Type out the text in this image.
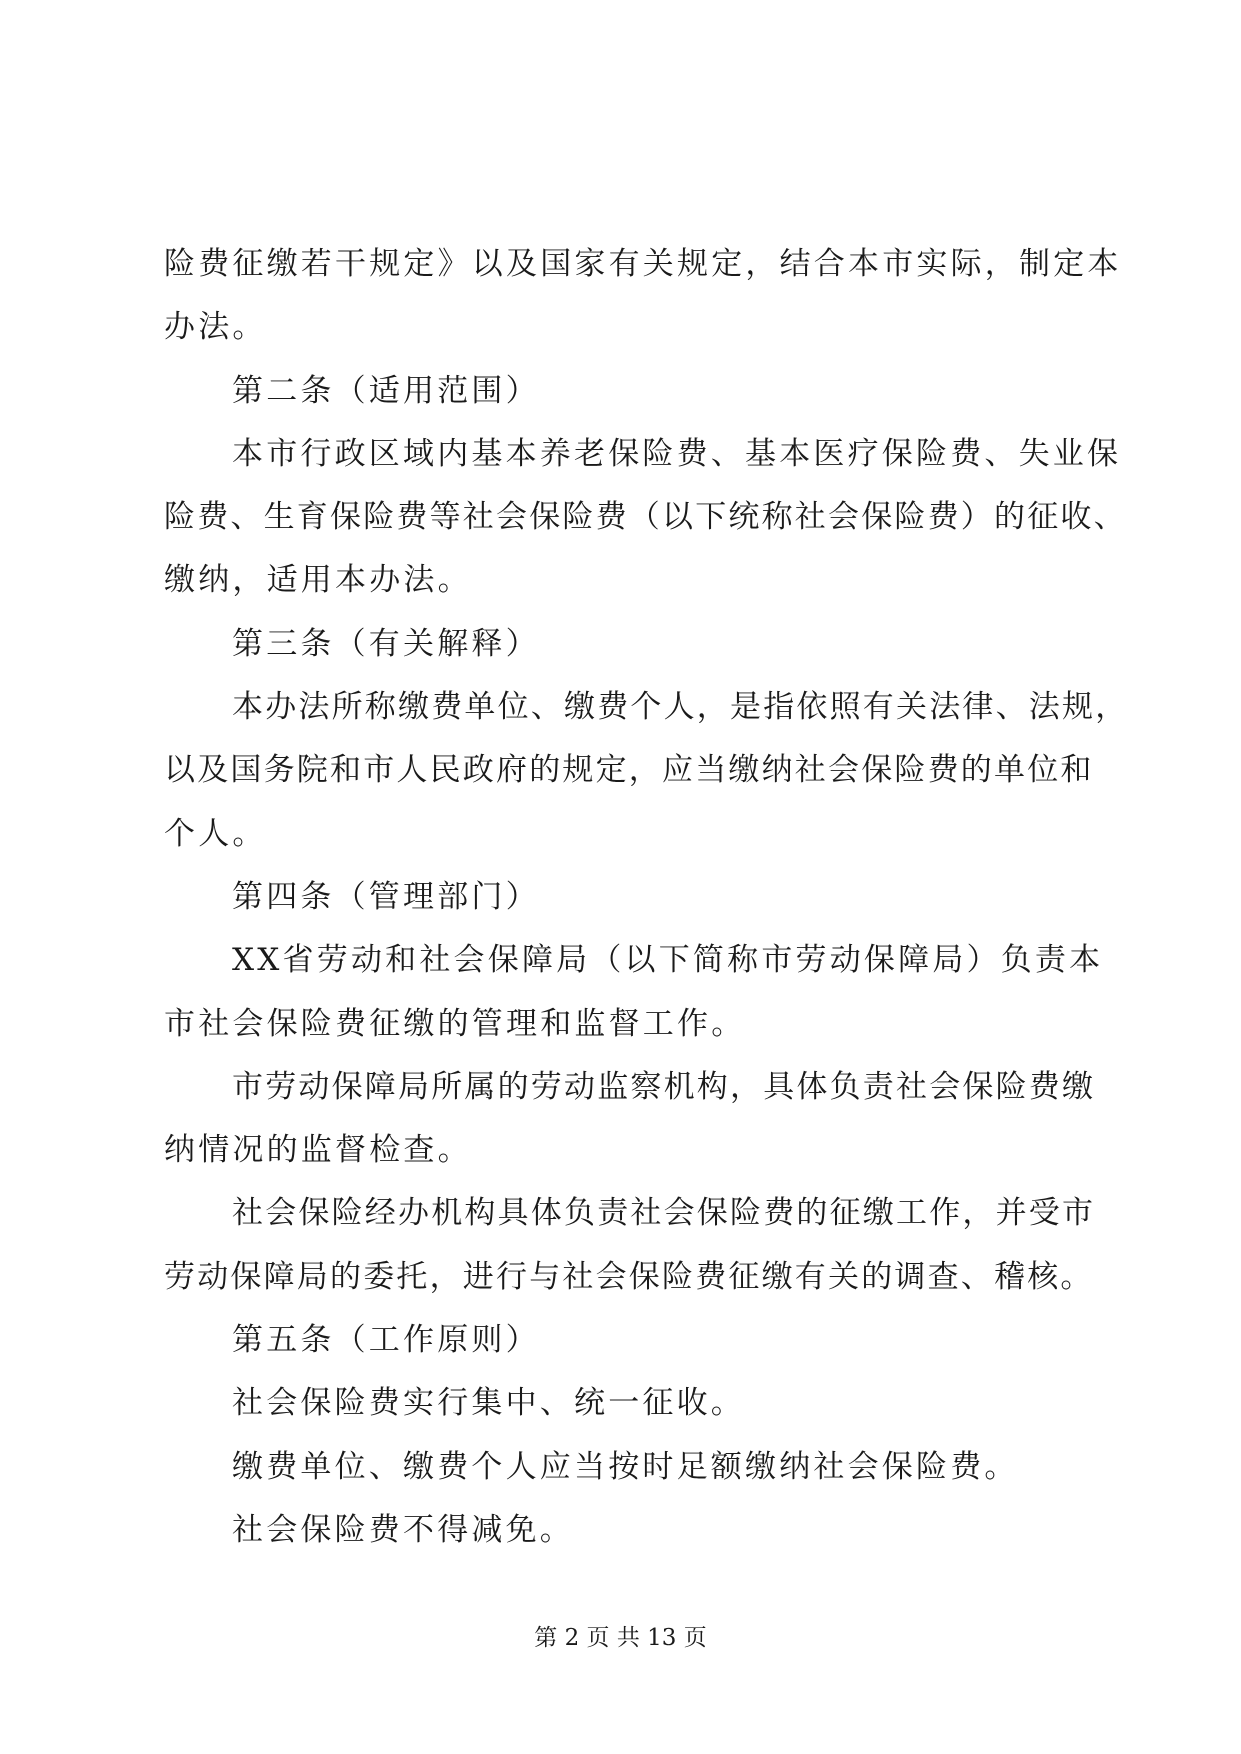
险费征缴若干规定》以及国家有关规定，结合本市实际，制定本

办法。

第二条（适用范围）

本市行政区域内基本养老保险费、基本医疗保险费、失业保

险费、生育保险费等社会保险费（以下统称社会保险费）的征收、

缴纳，适用本办法。

第三条（有关解释）

本办法所称缴费单位、缴费个人，是指依照有关法律、法规，

以及国务院和市人民政府的规定，应当缴纳社会保险费的单位和

个人。

第四条（管理部门）

XX省劳动和社会保障局（以下简称市劳动保障局）负责本

市社会保险费征缴的管理和监督工作。

市劳动保障局所属的劳动监察机构，具体负责社会保险费缴

纳情况的监督检查。

社会保险经办机构具体负责社会保险费的征缴工作，并受市

劳动保障局的委托，进行与社会保险费征缴有关的调查、稽核。

第五条（工作原则）

社会保险费实行集中、统一征收。

缴费单位、缴费个人应当按时足额缴纳社会保险费。

社会保险费不得减免。

第 2 页 共 13 页
